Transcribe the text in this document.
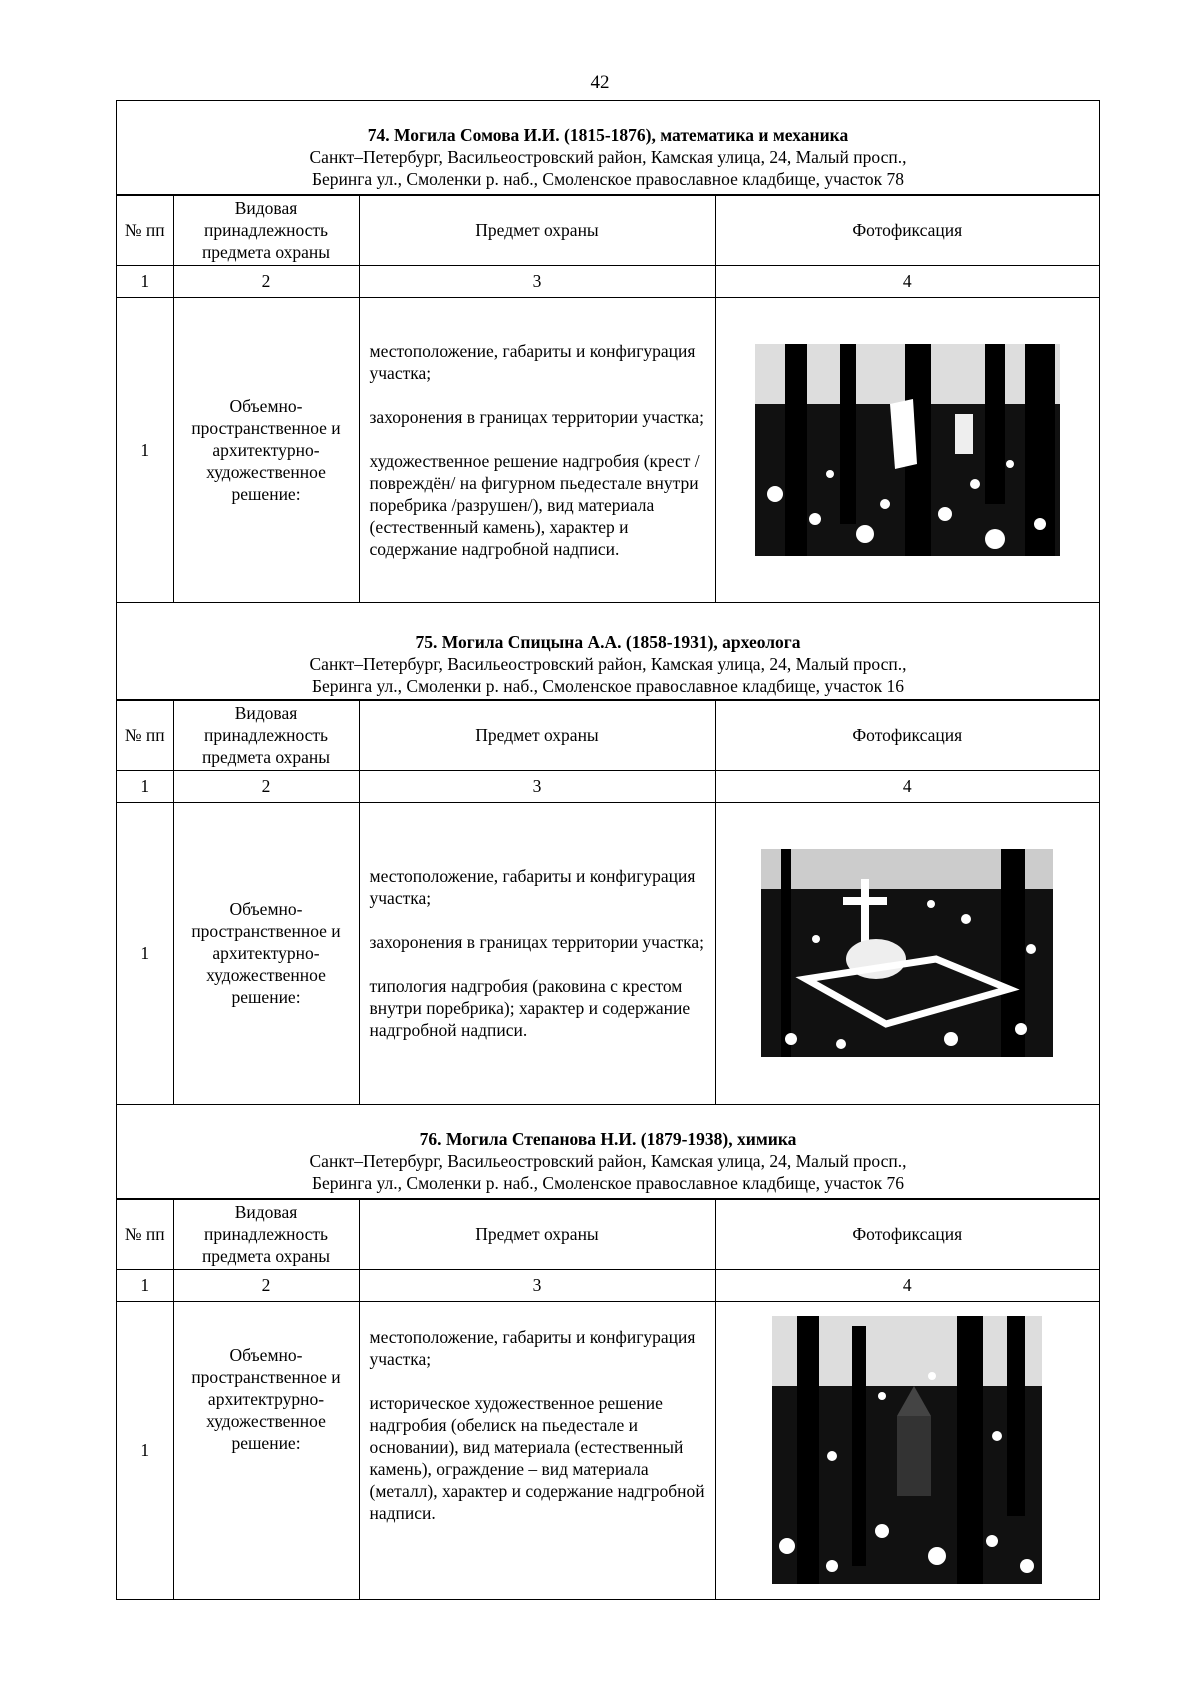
42
74. Могила Сомова И.И. (1815-1876), математика и механика
Санкт–Петербург, Васильеостровский район, Камская улица, 24, Малый просп.,
Беринга ул., Смоленки р. наб., Смоленское православное кладбище, участок 78
№ пп	Видовая принадлежность предмета охраны	Предмет охраны	Фотофиксация
1	2	3	4
1	Объемно-пространственное и архитектурно-художественное решение:	местоположение, габариты и конфигурация участка;

захоронения в границах территории участка;

художественное решение надгробия (крест /повреждён/ на фигурном пьедестале внутри поребрика /разрушен/), вид материала (естественный камень), характер и содержание надгробной надписи.

75. Могила Спицына А.А. (1858-1931), археолога
Санкт–Петербург, Васильеостровский район, Камская улица, 24, Малый просп.,
Беринга ул., Смоленки р. наб., Смоленское православное кладбище, участок 16
№ пп	Видовая принадлежность предмета охраны	Предмет охраны	Фотофиксация
1	2	3	4
1	Объемно-пространственное и архитектурно-художественное решение:	местоположение, габариты и конфигурация участка;

захоронения в границах территории участка;

типология надгробия (раковина с крестом внутри поребрика); характер и содержание надгробной надписи.

76. Могила Степанова Н.И. (1879-1938), химика
Санкт–Петербург, Васильеостровский район, Камская улица, 24, Малый просп.,
Беринга ул., Смоленки р. наб., Смоленское православное кладбище, участок 76
№ пп	Видовая принадлежность предмета охраны	Предмет охраны	Фотофиксация
1	2	3	4
1	Объемно-пространственное и архитектрурно-художественное решение:	местоположение, габариты и конфигурация участка;

историческое художественное решение надгробия (обелиск на пьедестале и основании), вид материала (естественный камень), ограждение – вид материала (металл), характер и содержание надгробной надписи.
